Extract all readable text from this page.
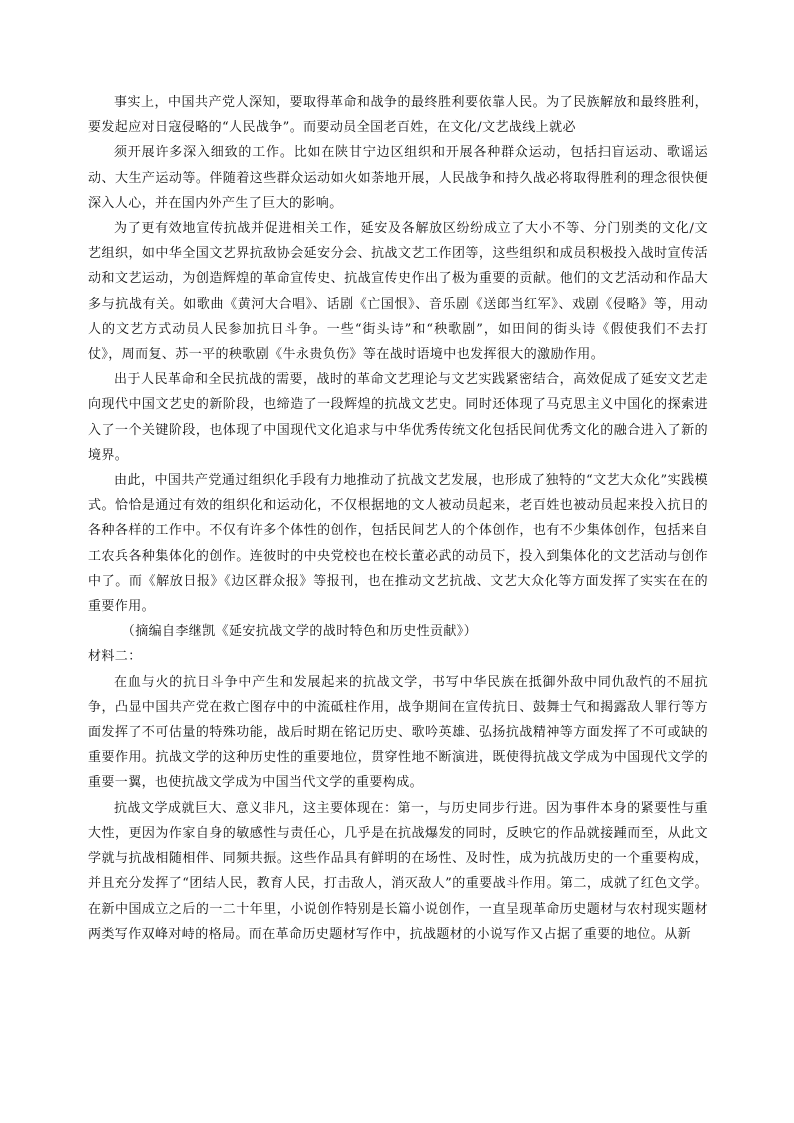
事实上，中国共产党人深知，要取得革命和战争的最终胜利要依靠人民。为了民族解放和最终胜利，要发起应对日寇侵略的“人民战争”。而要动员全国老百姓，在文化/文艺战线上就必

须开展许多深入细致的工作。比如在陕甘宁边区组织和开展各种群众运动，包括扫盲运动、歌谣运动、大生产运动等。伴随着这些群众运动如火如荼地开展，人民战争和持久战必将取得胜利的理念很快便深入人心，并在国内外产生了巨大的影响。

为了更有效地宣传抗战并促进相关工作，延安及各解放区纷纷成立了大小不等、分门别类的文化/文艺组织，如中华全国文艺界抗敌协会延安分会、抗战文艺工作团等，这些组织和成员积极投入战时宣传活动和文艺运动，为创造辉煌的革命宣传史、抗战宣传史作出了极为重要的贡献。他们的文艺活动和作品大多与抗战有关。如歌曲《黄河大合唱》、话剧《亡国恨》、音乐剧《送郎当红军》、戏剧《侵略》等，用动人的文艺方式动员人民参加抗日斗争。一些“街头诗”和“秧歌剧”，如田间的街头诗《假使我们不去打仗》，周而复、苏一平的秧歌剧《牛永贵负伤》等在战时语境中也发挥很大的激励作用。

出于人民革命和全民抗战的需要，战时的革命文艺理论与文艺实践紧密结合，高效促成了延安文艺走向现代中国文艺史的新阶段，也缔造了一段辉煌的抗战文艺史。同时还体现了马克思主义中国化的探索进入了一个关键阶段，也体现了中国现代文化追求与中华优秀传统文化包括民间优秀文化的融合进入了新的境界。

由此，中国共产党通过组织化手段有力地推动了抗战文艺发展，也形成了独特的“文艺大众化”实践模式。恰恰是通过有效的组织化和运动化，不仅根据地的文人被动员起来，老百姓也被动员起来投入抗日的各种各样的工作中。不仅有许多个体性的创作，包括民间艺人的个体创作，也有不少集体创作，包括来自工农兵各种集体化的创作。连彼时的中央党校也在校长董必武的动员下，投入到集体化的文艺活动与创作中了。而《解放日报》《边区群众报》等报刊，也在推动文艺抗战、文艺大众化等方面发挥了实实在在的重要作用。

（摘编自李继凯《延安抗战文学的战时特色和历史性贡献》）

材料二：

在血与火的抗日斗争中产生和发展起来的抗战文学，书写中华民族在抵御外敌中同仇敌忾的不屈抗争，凸显中国共产党在救亡图存中的中流砥柱作用，战争期间在宣传抗日、鼓舞士气和揭露敌人罪行等方面发挥了不可估量的特殊功能，战后时期在铭记历史、歌吟英雄、弘扬抗战精神等方面发挥了不可或缺的重要作用。抗战文学的这种历史性的重要地位，贯穿性地不断演进，既使得抗战文学成为中国现代文学的重要一翼，也使抗战文学成为中国当代文学的重要构成。

抗战文学成就巨大、意义非凡，这主要体现在：第一，与历史同步行进。因为事件本身的紧要性与重大性，更因为作家自身的敏感性与责任心，几乎是在抗战爆发的同时，反映它的作品就接踵而至，从此文学就与抗战相随相伴、同频共振。这些作品具有鲜明的在场性、及时性，成为抗战历史的一个重要构成，并且充分发挥了“团结人民，教育人民，打击敌人，消灭敌人”的重要战斗作用。第二，成就了红色文学。在新中国成立之后的一二十年里，小说创作特别是长篇小说创作，一直呈现革命历史题材与农村现实题材两类写作双峰对峙的格局。而在革命历史题材写作中，抗战题材的小说写作又占据了重要的地位。从新
